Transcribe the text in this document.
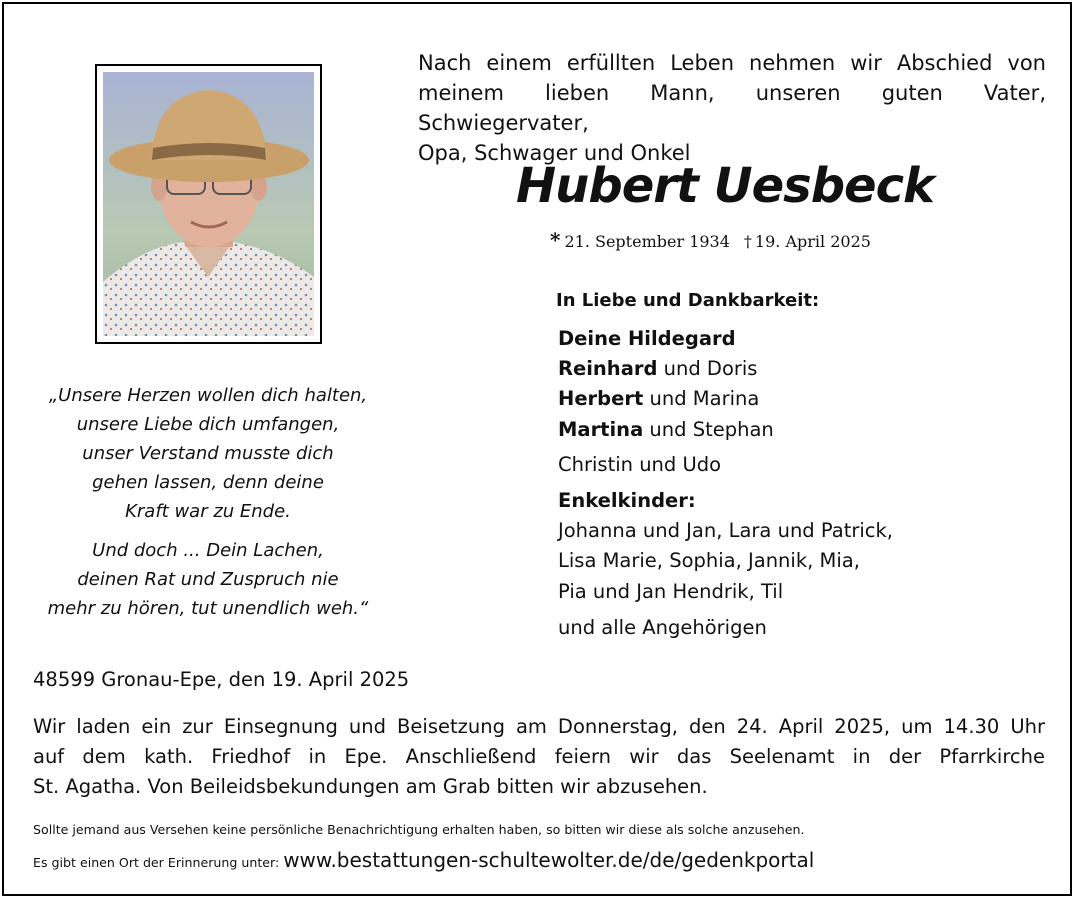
Nach einem erfüllten Leben nehmen wir Abschied von
meinem lieben Mann, unseren guten Vater, Schwiegervater,
Opa, Schwager und Onkel
Hubert Uesbeck
* 21. September 1934 † 19. April 2025
In Liebe und Dankbarkeit:
Deine Hildegard
Reinhard und Doris
Herbert und Marina
Martina und Stephan
Christin und Udo
Enkelkinder:
Johanna und Jan, Lara und Patrick,
Lisa Marie, Sophia, Jannik, Mia,
Pia und Jan Hendrik, Til
und alle Angehörigen
„Unsere Herzen wollen dich halten,
unsere Liebe dich umfangen,
unser Verstand musste dich
gehen lassen, denn deine
Kraft war zu Ende.
Und doch ... Dein Lachen,
deinen Rat und Zuspruch nie
mehr zu hören, tut unendlich weh.“
48599 Gronau-Epe, den 19. April 2025
Wir laden ein zur Einsegnung und Beisetzung am Donnerstag, den 24. April 2025, um 14.30 Uhr
auf dem kath. Friedhof in Epe. Anschließend feiern wir das Seelenamt in der Pfarrkirche
St. Agatha. Von Beileidsbekundungen am Grab bitten wir abzusehen.
Sollte jemand aus Versehen keine persönliche Benachrichtigung erhalten haben, so bitten wir diese als solche anzusehen.
Es gibt einen Ort der Erinnerung unter: www.bestattungen-schultewolter.de/de/gedenkportal
